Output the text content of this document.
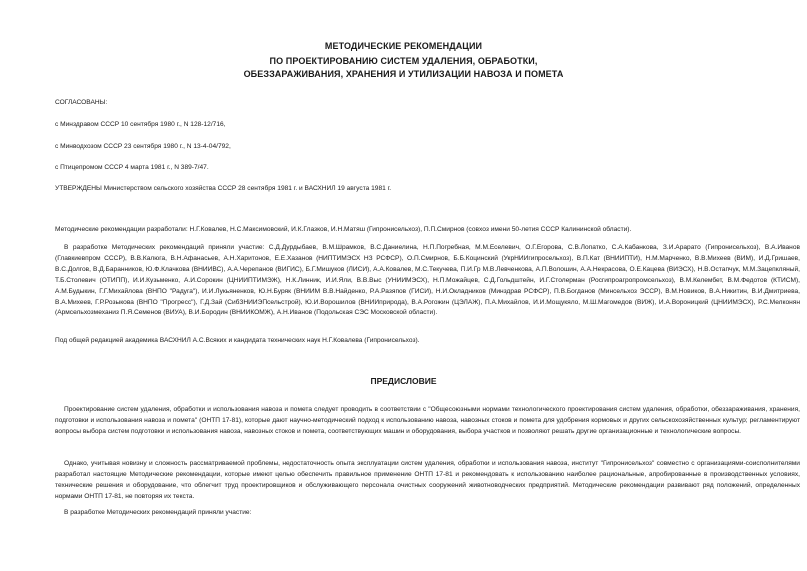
МЕТОДИЧЕСКИЕ РЕКОМЕНДАЦИИ
ПО ПРОЕКТИРОВАНИЮ СИСТЕМ УДАЛЕНИЯ, ОБРАБОТКИ,
ОБЕЗЗАРАЖИВАНИЯ, ХРАНЕНИЯ И УТИЛИЗАЦИИ НАВОЗА И ПОМЕТА
СОГЛАСОВАНЫ:
с Минздравом СССР 10 сентября 1980 г., N 128-12/716,
с Минводхозом СССР 23 сентября 1980 г., N 13-4-04/792,
с Птицепромом СССР 4 марта 1981 г., N 389-7/47.
УТВЕРЖДЕНЫ Министерством сельского хозяйства СССР 28 сентября 1981 г. и ВАСХНИЛ 19 августа 1981 г.
Методические рекомендации разработали: Н.Г.Ковалев, Н.С.Максимовский, И.К.Глазков, И.Н.Матяш (Гипронисельхоз), П.П.Смирнов (совхоз имени 50-летия СССР Калининской области).
В разработке Методических рекомендаций приняли участие: С.Д.Дурдыбаев, В.М.Шрамков, В.С.Даниелина, Н.П.Погребная, М.М.Еселевич, О.Г.Егорова, С.В.Лопатко, С.А.Кабанкова, З.И.Арарато (Гипронисельхоз), В.А.Иванов (Главкиевпром СССР), В.В.Калюга, В.Н.Афанасьев, А.Н.Харитонов, Е.Е.Хазанов (НИПТИМЭСХ НЗ РСФСР), О.П.Смирнов, Б.Б.Коцинский (УкрНИИгипросельхоз), В.П.Кат (ВНИИПТИ), Н.М.Марченко, В.В.Михеев (ВИМ), И.Д.Гришаев, В.С.Долгов, В.Д.Баранников, Ю.Ф.Клачкова (ВНИИВС), А.А.Черепанов (ВИГИС), Б.Г.Мишуков (ЛИСИ), А.А.Ковалев, М.С.Текучева, П.И.Гр М.В.Левченкова, А.П.Волошин, А.А.Некрасова, О.Е.Кацева (ВИЭСХ), Н.В.Остапчук, М.М.Зацепкляный, Т.Б.Столевич (ОТИПП), И.И.Кузьменко, А.И.Сорокин (ЦНИИПТИМЭЖ), Н.К.Линник, И.И.Яли, В.В.Выс (УНИИМЭСХ), Н.П.Можайцев, С.Д.Гольдштейн, И.Г.Столерман (Росгипроагропромсельхоз), В.М.Келембет, В.М.Федотов (КТИСМ), А.М.Будыкин, Г.Г.Михайлова (ВНПО "Радуга"), И.И.Лукьяненков, Ю.Н.Буряк (ВНИИМ В.В.Найденко, Р.А.Разяпов (ГИСИ), Н.И.Окладников (Минздрав РСФСР), П.В.Богданов (Минсельхоз ЭССР), В.М.Новиков, В.А.Никитин, В.И.Дмитриева, В.А.Михеев, Г.Р.Розыкова (ВНПО "Прогресс"), Г.Д.Зай (СибЗНИИЭПсельстрой), Ю.И.Ворошилов (ВНИИприрода), В.А.Рогожин (ЦЭЛАЖ), П.А.Михайлов, И.И.Мощукяло, М.Ш.Магомедов (ВИЖ), И.А.Вороницкий (ЦНИИМЭСХ), Р.С.Мелконян (Армсельхозмеханиз П.Я.Семенов (ВИУА), В.И.Бородин (ВНИИКОМЖ), А.Н.Иванов (Подольская СЭС Московской области).
Под общей редакцией академика ВАСХНИЛ А.С.Всяких и кандидата технических наук Н.Г.Ковалева (Гипронисельхоз).
ПРЕДИСЛОВИЕ
Проектирование систем удаления, обработки и использования навоза и помета следует проводить в соответствии с "Общесоюзными нормами технологического проектирования систем удаления, обработки, обеззараживания, хранения, подготовки и использования навоза и помета" (ОНТП 17-81), которые дают научно-методический подход к использованию навоза, навозных стоков и помета для удобрения кормовых и других сельскохозяйственных культур; регламентируют вопросы выбора систем подготовки и использования навоза, навозных стоков и помета, соответствующих машин и оборудования, выбора участков и позволяют решать другие организационные и технологические вопросы.
Однако, учитывая новизну и сложность рассматриваемой проблемы, недостаточность опыта эксплуатации систем удаления, обработки и использования навоза, институт "Гипронисельхоз" совместно с организациями-соисполнителями разработал настоящие Методические рекомендации, которые имеют целью обеспечить правильное применение ОНТП 17-81 и рекомендовать к использованию наиболее рациональные, апробированные в производственных условиях, технические решения и оборудование, что облегчит труд проектировщиков и обслуживающего персонала очистных сооружений животноводческих предприятий. Методические рекомендации развивают ряд положений, определенных нормами ОНТП 17-81, не повторяя их текста.
В разработке Методических рекомендаций приняли участие:
